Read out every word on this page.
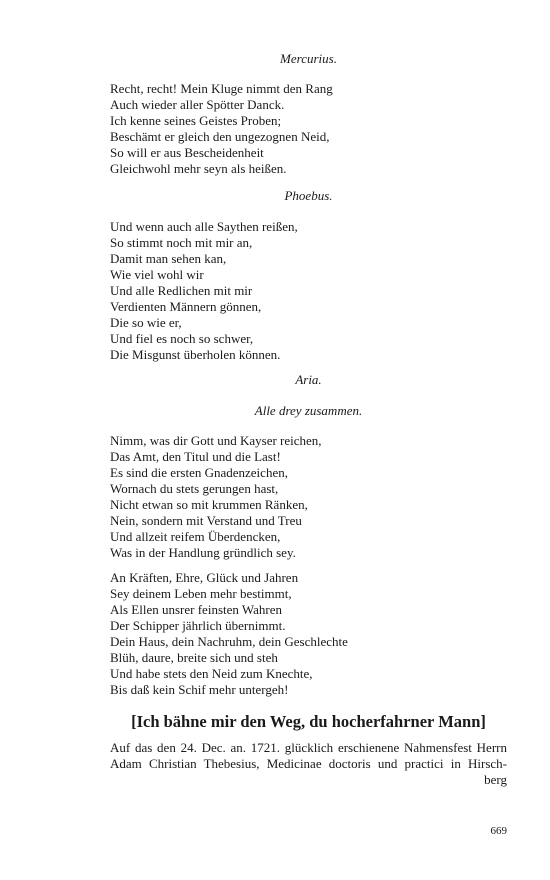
Mercurius.

Recht, recht! Mein Kluge nimmt den Rang
Auch wieder aller Spötter Danck.
Ich kenne seines Geistes Proben;
Beschämt er gleich den ungezognen Neid,
So will er aus Bescheidenheit
Gleichwohl mehr seyn als heißen.

Phoebus.

Und wenn auch alle Saythen reißen,
So stimmt noch mit mir an,
Damit man sehen kan,
Wie viel wohl wir
Und alle Redlichen mit mir
Verdienten Männern gönnen,
Die so wie er,
Und fiel es noch so schwer,
Die Misgunst überholen können.

Aria.

Alle drey zusammen.

Nimm, was dir Gott und Kayser reichen,
Das Amt, den Titul und die Last!
Es sind die ersten Gnadenzeichen,
Wornach du stets gerungen hast,
Nicht etwan so mit krummen Ränken,
Nein, sondern mit Verstand und Treu
Und allzeit reifem Überdencken,
Was in der Handlung gründlich sey.
An Kräften, Ehre, Glück und Jahren
Sey deinem Leben mehr bestimmt,
Als Ellen unsrer feinsten Wahren
Der Schipper jährlich übernimmt.
Dein Haus, dein Nachruhm, dein Geschlechte
Blüh, daure, breite sich und steh
Und habe stets den Neid zum Knechte,
Bis daß kein Schif mehr untergeh!
[Ich bähne mir den Weg, du hocherfahrner Mann]
Auf das den 24. Dec. an. 1721. glücklich erschienene Nahmensfest Herrn
Adam Christian Thebesius, Medicinae doctoris und practici in Hirsch-
berg
669
